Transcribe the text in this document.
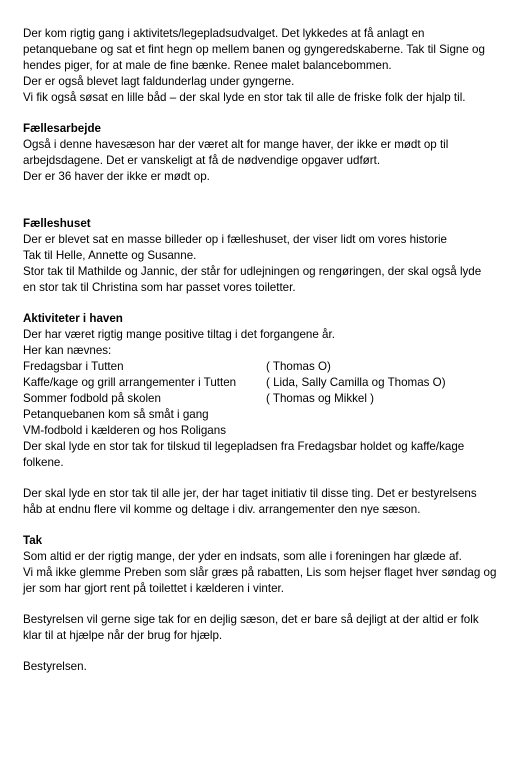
Der kom rigtig gang i aktivitets/legepladsudvalget. Det lykkedes at få anlagt en
petanquebane og sat et fint hegn op mellem banen og gyngeredskaberne. Tak til Signe og
hendes piger, for at male de fine bænke. Renee malet balancebommen.
Der er også blevet lagt faldunderlag under gyngerne.
Vi fik også søsat en lille båd – der skal lyde en stor tak til alle de friske folk der hjalp til.
Fællesarbejde
Også i denne havesæson har der været alt for mange haver, der ikke er mødt op til
arbejdsdagene. Det er vanskeligt at få de nødvendige opgaver udført.
Der er 36 haver der ikke er mødt op.
Fælleshuset
Der er blevet sat en masse billeder op i fælleshuset, der viser lidt om vores historie
Tak til Helle, Annette og Susanne.
Stor tak til Mathilde og Jannic, der står for udlejningen og rengøringen, der skal også lyde
en stor tak til Christina som har passet vores toiletter.
Aktiviteter i haven
Der har været rigtig mange positive tiltag i det forgangene år.
Her kan nævnes:
Fredagsbar i Tutten	( Thomas O)
Kaffe/kage og grill arrangementer i Tutten	( Lida, Sally Camilla og Thomas O)
Sommer fodbold på skolen	( Thomas og Mikkel )
Petanquebanen kom så småt i gang
VM-fodbold i kælderen og hos Roligans
Der skal lyde en stor tak for tilskud til legepladsen fra Fredagsbar holdet og kaffe/kage
folkene.
Der skal lyde en stor tak til alle jer, der har taget initiativ til disse ting. Det er bestyrelsens
håb at endnu flere vil komme og deltage i div. arrangementer den nye sæson.
Tak
Som altid er der rigtig mange, der yder en indsats, som alle i foreningen har glæde af.
Vi må ikke glemme Preben som slår græs på rabatten, Lis som hejser flaget hver søndag og
jer som har gjort rent på toilettet i kælderen i vinter.
Bestyrelsen vil gerne sige tak for en dejlig sæson, det er bare så dejligt at der altid er folk
klar til at hjælpe når der brug for hjælp.
Bestyrelsen.
